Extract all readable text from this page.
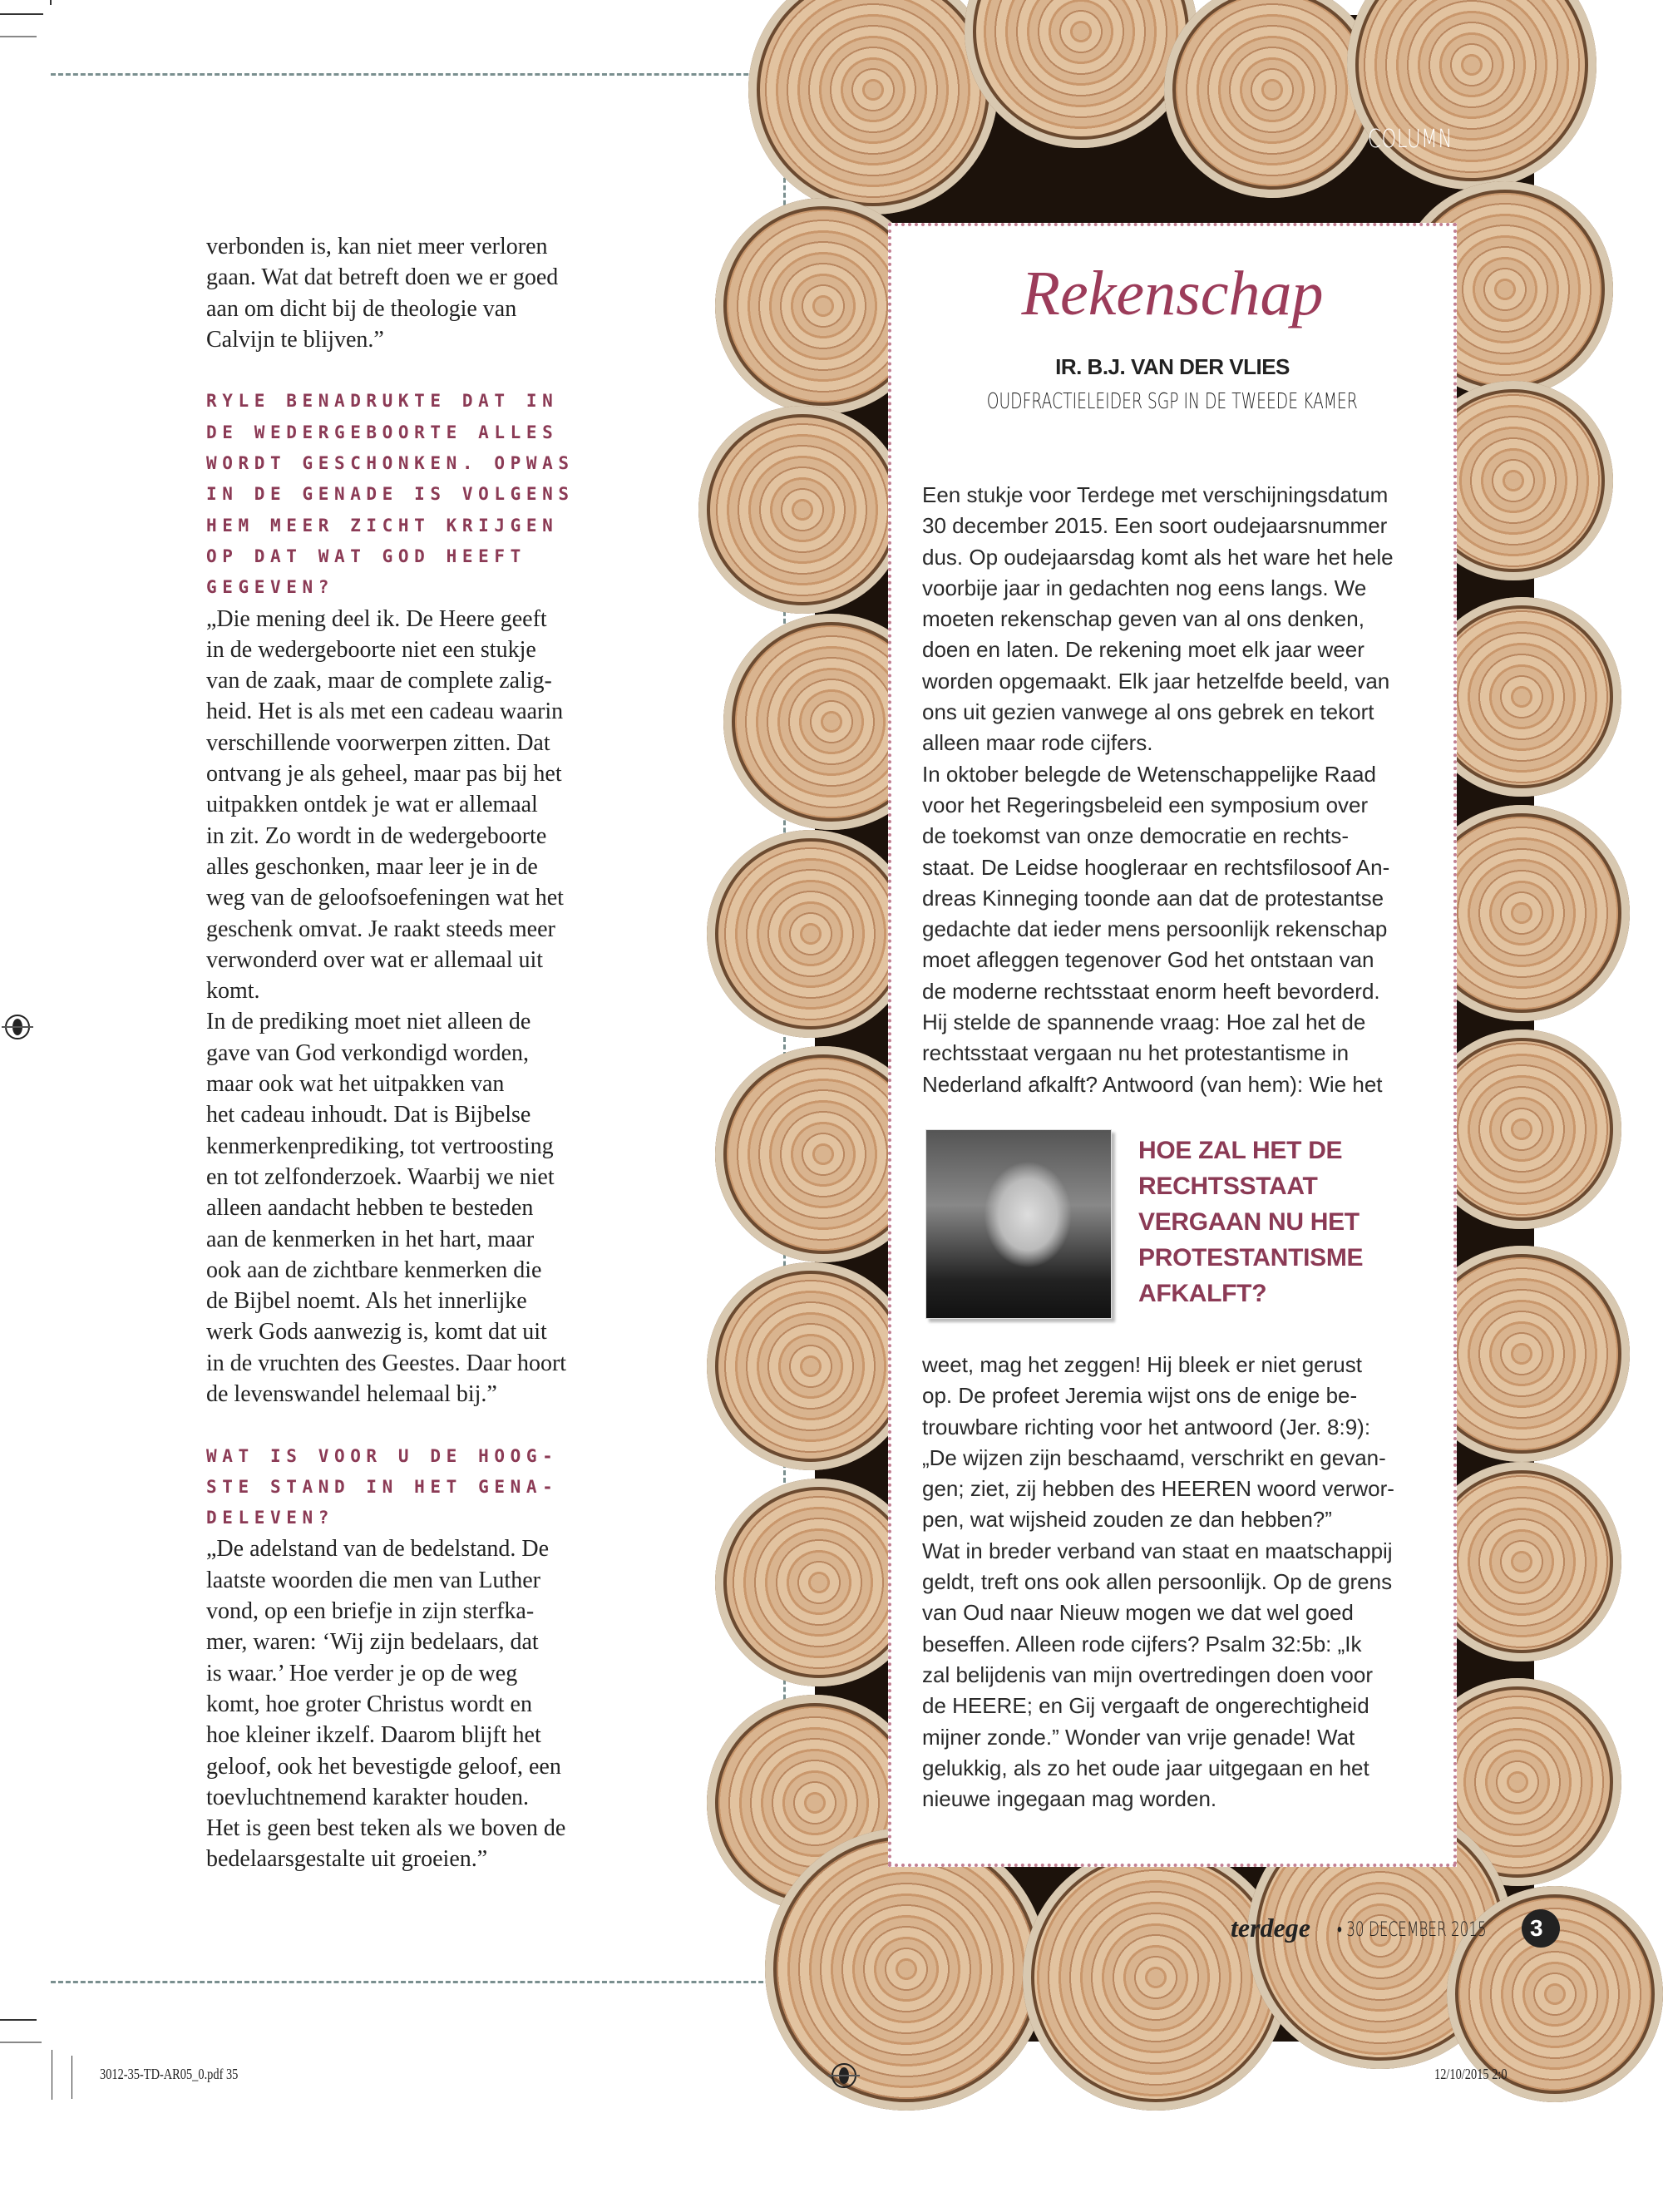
verbonden is, kan niet meer verloren
gaan. Wat dat betreft doen we er goed
aan om dicht bij de theologie van
Calvijn te blijven.”
RYLE BENADRUKTE DAT IN
DE WEDERGEBOORTE ALLES
WORDT GESCHONKEN. OPWAS
IN DE GENADE IS VOLGENS
HEM MEER ZICHT KRIJGEN
OP DAT WAT GOD HEEFT
GEGEVEN?
„Die mening deel ik. De Heere geeft
in de wedergeboorte niet een stukje
van de zaak, maar de complete zalig-
heid. Het is als met een cadeau waarin
verschillende voorwerpen zitten. Dat
ontvang je als geheel, maar pas bij het
uitpakken ontdek je wat er allemaal
in zit. Zo wordt in de wedergeboorte
alles geschonken, maar leer je in de
weg van de geloofsoefeningen wat het
geschenk omvat. Je raakt steeds meer
verwonderd over wat er allemaal uit
komt.
In de prediking moet niet alleen de
gave van God verkondigd worden,
maar ook wat het uitpakken van
het cadeau inhoudt. Dat is Bijbelse
kenmerkenprediking, tot vertroosting
en tot zelfonderzoek. Waarbij we niet
alleen aandacht hebben te besteden
aan de kenmerken in het hart, maar
ook aan de zichtbare kenmerken die
de Bijbel noemt. Als het innerlijke
werk Gods aanwezig is, komt dat uit
in de vruchten des Geestes. Daar hoort
de levenswandel helemaal bij.”
WAT IS VOOR U DE HOOG-
STE STAND IN HET GENA-
DELEVEN?
„De adelstand van de bedelstand. De
laatste woorden die men van Luther
vond, op een briefje in zijn sterfka-
mer, waren: ‘Wij zijn bedelaars, dat
is waar.’ Hoe verder je op de weg
komt, hoe groter Christus wordt en
hoe kleiner ikzelf. Daarom blijft het
geloof, ook het bevestigde geloof, een
toevluchtnemend karakter houden.
Het is geen best teken als we boven de
bedelaarsgestalte uit groeien.”
COLUMN
Rekenschap
IR. B.J. VAN DER VLIES
OUDFRACTIELEIDER SGP IN DE TWEEDE KAMER
Een stukje voor Terdege met verschijningsdatum
30 december 2015. Een soort oudejaarsnummer
dus. Op oudejaarsdag komt als het ware het hele
voorbije jaar in gedachten nog eens langs. We
moeten rekenschap geven van al ons denken,
doen en laten. De rekening moet elk jaar weer
worden opgemaakt. Elk jaar hetzelfde beeld, van
ons uit gezien vanwege al ons gebrek en tekort
alleen maar rode cijfers.
In oktober belegde de Wetenschappelijke Raad
voor het Regeringsbeleid een symposium over
de toekomst van onze democratie en rechts-
staat. De Leidse hoogleraar en rechtsfilosoof An-
dreas Kinneging toonde aan dat de protestantse
gedachte dat ieder mens persoonlijk rekenschap
moet afleggen tegenover God het ontstaan van
de moderne rechtsstaat enorm heeft bevorderd.
Hij stelde de spannende vraag: Hoe zal het de
rechtsstaat vergaan nu het protestantisme in
Nederland afkalft? Antwoord (van hem): Wie het
HOE ZAL HET DE
RECHTSSTAAT
VERGAAN NU HET
PROTESTANTISME
AFKALFT?
weet, mag het zeggen! Hij bleek er niet gerust
op. De profeet Jeremia wijst ons de enige be-
trouwbare richting voor het antwoord (Jer. 8:9):
„De wijzen zijn beschaamd, verschrikt en gevan-
gen; ziet, zij hebben des HEEREN woord verwor-
pen, wat wijsheid zouden ze dan hebben?”
Wat in breder verband van staat en maatschappij
geldt, treft ons ook allen persoonlijk. Op de grens
van Oud naar Nieuw mogen we dat wel goed
beseffen. Alleen rode cijfers? Psalm 32:5b: „Ik
zal belijdenis van mijn overtredingen doen voor
de HEERE; en Gij vergaaft de ongerechtigheid
mijner zonde.” Wonder van vrije genade! Wat
gelukkig, als zo het oude jaar uitgegaan en het
nieuwe ingegaan mag worden.
terdege • 30 DECEMBER 2015	3
3012-35-TD-AR05_0.pdf 35	12/10/2015 2:0
